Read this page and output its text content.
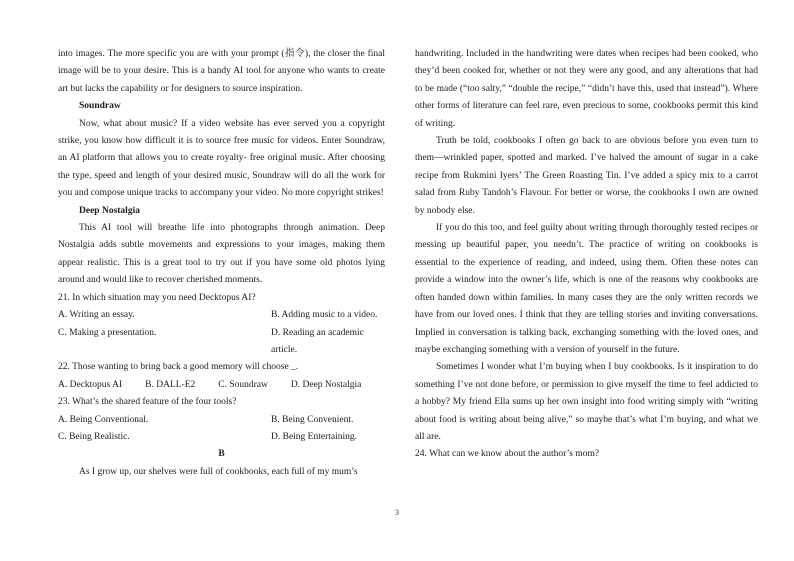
into images. The more specific you are with your prompt (指令), the closer the final image will be to your desire. This is a handy AI tool for anyone who wants to create art but lacks the capability or for designers to source inspiration.

Soundraw

Now, what about music? If a video website has ever served you a copyright strike, you know how difficult it is to source free music for videos. Enter Soundraw, an AI platform that allows you to create royalty- free original music. After choosing the type, speed and length of your desired music, Soundraw will do all the work for you and compose unique tracks to accompany your video. No more copyright strikes!

Deep Nostalgia

This AI tool will breathe life into photographs through animation. Deep Nostalgia adds subtle movements and expressions to your images, making them appear realistic. This is a great tool to try out if you have some old photos lying around and would like to recover cherished moments.

21. In which situation may you need Decktopus AI?

A. Writing an essay.	B. Adding music to a video.
C. Making a presentation.	D. Reading an academic article.

22. Those wanting to bring back a good memory will choose _.

A. Decktopus AI B. DALL-E2 C. Soundraw D. Deep Nostalgia

23. What’s the shared feature of the four tools?

A. Being Conventional.	B. Being Convenient.
C. Being Realistic.	D. Being Entertaining.

B

As I grow up, our shelves were full of cookbooks, each full of my mum’s

handwriting. Included in the handwriting were dates when recipes had been cooked, who they’d been cooked for, whether or not they were any good, and any alterations that had to be made (“too salty,” “double the recipe,” “didn’t have this, used that instead”). Where other forms of literature can feel rare, even precious to some, cookbooks permit this kind of writing.

Truth be told, cookbooks I often go back to are obvious before you even turn to them—wrinkled paper, spotted and marked. I’ve halved the amount of sugar in a cake recipe from Rukmini Iyers’ The Green Roasting Tin. I’ve added a spicy mix to a carrot salad from Ruby Tandoh’s Flavour. For better or worse, the cookbooks I own are owned by nobody else.

If you do this too, and feel guilty about writing through thoroughly tested recipes or messing up beautiful paper, you needn’t. The practice of writing on cookbooks is essential to the experience of reading, and indeed, using them. Often these notes can provide a window into the owner’s life, which is one of the reasons why cookbooks are often handed down within families. In many cases they are the only written records we have from our loved ones. I think that they are telling stories and inviting conversations. Implied in conversation is talking back, exchanging something with the loved ones, and maybe exchanging something with a version of yourself in the future.

Sometimes I wonder what I’m buying when I buy cookbooks. Is it inspiration to do something I’ve not done before, or permission to give myself the time to feel addicted to a hobby? My friend Ella sums up her own insight into food writing simply with “writing about food is writing about being alive,” so maybe that’s what I’m buying, and what we all are.

24. What can we know about the author’s mom?

3
